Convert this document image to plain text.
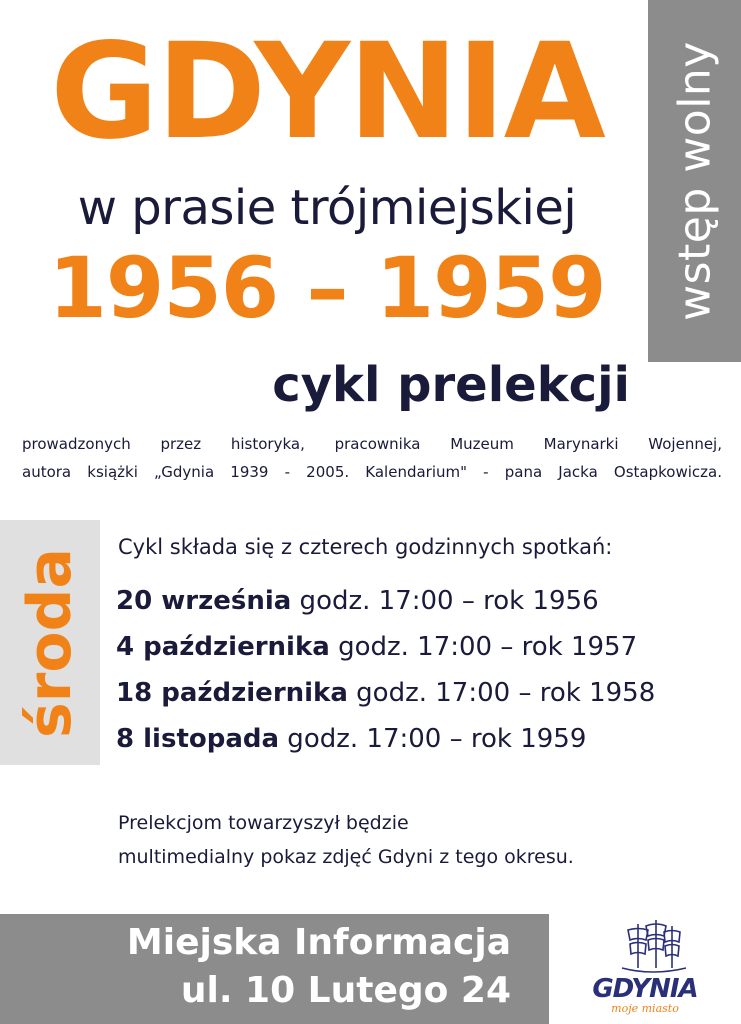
wstęp wolny
GDYNIA
w prasie trójmiejskiej
1956 – 1959
cykl prelekcji
prowadzonych przez historyka, pracownika Muzeum Marynarki Wojennej,
autora książki „Gdynia 1939 - 2005. Kalendarium" - pana Jacka Ostapkowicza.
środa
Cykl składa się z czterech godzinnych spotkań:
20 września godz. 17:00 – rok 1956
4 października godz. 17:00 – rok 1957
18 października godz. 17:00 – rok 1958
8 listopada godz. 17:00 – rok 1959
Prelekcjom towarzyszył będzie
multimedialny pokaz zdjęć Gdyni z tego okresu.
Miejska Informacja
ul. 10 Lutego 24	GDYNIA
moje miasto
